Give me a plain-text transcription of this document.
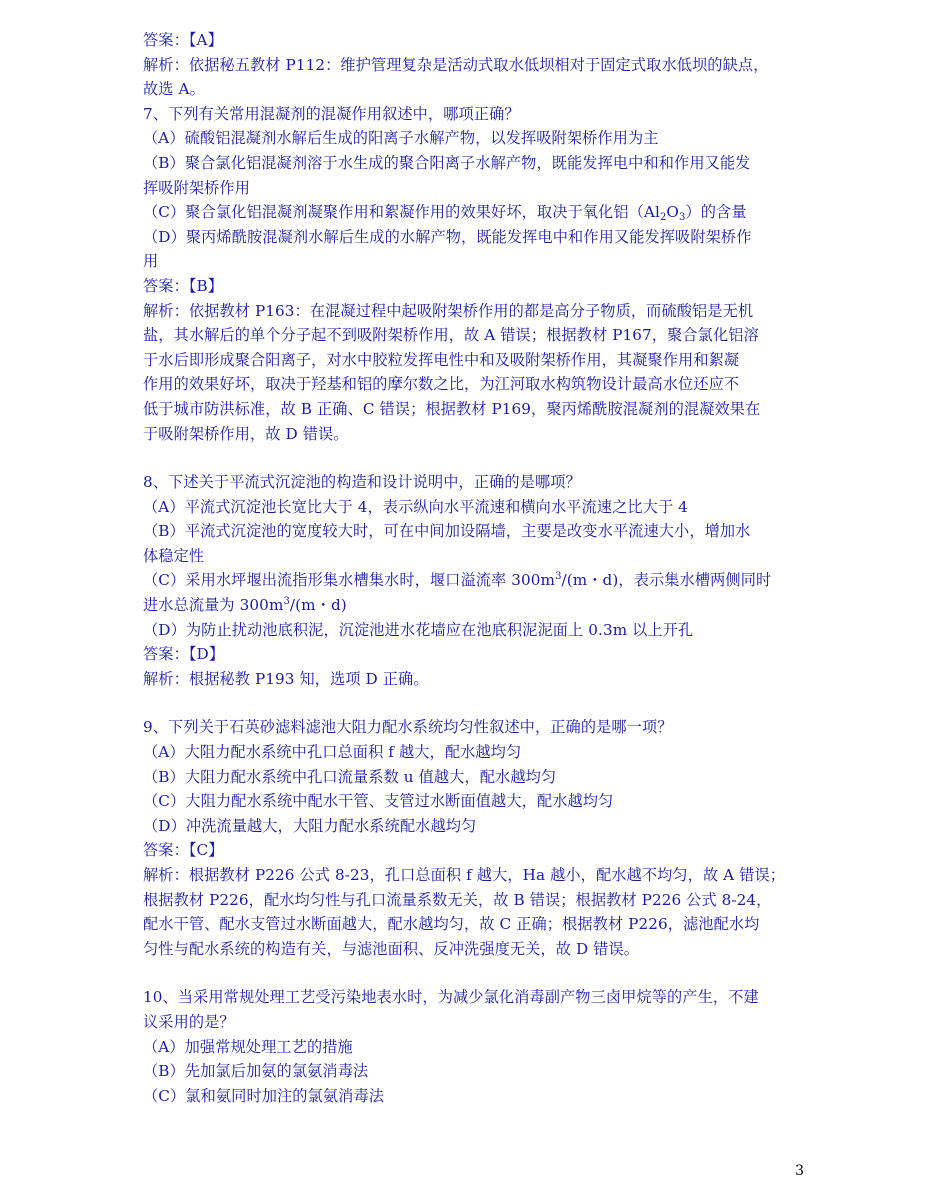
答案：【A】
解析：依据秘五教材 P112：维护管理复杂是活动式取水低坝相对于固定式取水低坝的缺点，
故选 A。
7、下列有关常用混凝剂的混凝作用叙述中，哪项正确？
（A）硫酸铝混凝剂水解后生成的阳离子水解产物，以发挥吸附架桥作用为主
（B）聚合氯化铝混凝剂溶于水生成的聚合阳离子水解产物，既能发挥电中和和作用又能发
挥吸附架桥作用
（C）聚合氯化铝混凝剂凝聚作用和絮凝作用的效果好坏，取决于氧化铝$(Al_2O_3)$的含量
（D）聚丙烯酰胺混凝剂水解后生成的水解产物，既能发挥电中和作用又能发挥吸附架桥作
用
答案：【B】
解析：依据教材 P163：在混凝过程中起吸附架桥作用的都是高分子物质，而硫酸铝是无机
盐，其水解后的单个分子起不到吸附架桥作用，故 A 错误；根据教材 P167，聚合氯化铝溶
于水后即形成聚合阳离子，对水中胶粒发挥电性中和及吸附架桥作用，其凝聚作用和絮凝
作用的效果好坏，取决于羟基和铝的摩尔数之比，为江河取水构筑物设计最高水位还应不
低于城市防洪标准，故 B 正确、C 错误；根据教材 P169，聚丙烯酰胺混凝剂的混凝效果在
于吸附架桥作用，故 D 错误。
8、下述关于平流式沉淀池的构造和设计说明中，正确的是哪项？
（A）平流式沉淀池长宽比大于 4，表示纵向水平流速和横向水平流速之比大于 4
（B）平流式沉淀池的宽度较大时，可在中间加设隔墙，主要是改变水平流速大小，增加水
体稳定性
（C）采用水坪堰出流指形集水槽集水时，堰口溢流率 $300m^3/(m$・d)，表示集水槽两侧同时
进水总流量为 $300m^3/(m$・d)
（D）为防止扰动池底积泥，沉淀池进水花墙应在池底积泥泥面上 0.3m 以上开孔
答案：【D】
解析：根据秘教 P193 知，选项 D 正确。
9、下列关于石英砂滤料滤池大阻力配水系统均匀性叙述中，正确的是哪一项？
（A）大阻力配水系统中孔口总面积 f 越大，配水越均匀
（B）大阻力配水系统中孔口流量系数 u 值越大，配水越均匀
（C）大阻力配水系统中配水干管、支管过水断面值越大，配水越均匀
（D）冲洗流量越大，大阻力配水系统配水越均匀
答案：【C】
解析：根据教材 P226 公式 8-23，孔口总面积 f 越大，Ha 越小，配水越不均匀，故 A 错误；
根据教材 P226，配水均匀性与孔口流量系数无关，故 B 错误；根据教材 P226 公式 8-24，
配水干管、配水支管过水断面越大，配水越均匀，故 C 正确；根据教材 P226，滤池配水均
匀性与配水系统的构造有关，与滤池面积、反冲洗强度无关，故 D 错误。
10、当采用常规处理工艺受污染地表水时，为减少氯化消毒副产物三卤甲烷等的产生，不建
议采用的是？
（A）加强常规处理工艺的措施
（B）先加氯后加氨的氯氨消毒法
（C）氯和氨同时加注的氯氨消毒法
3
